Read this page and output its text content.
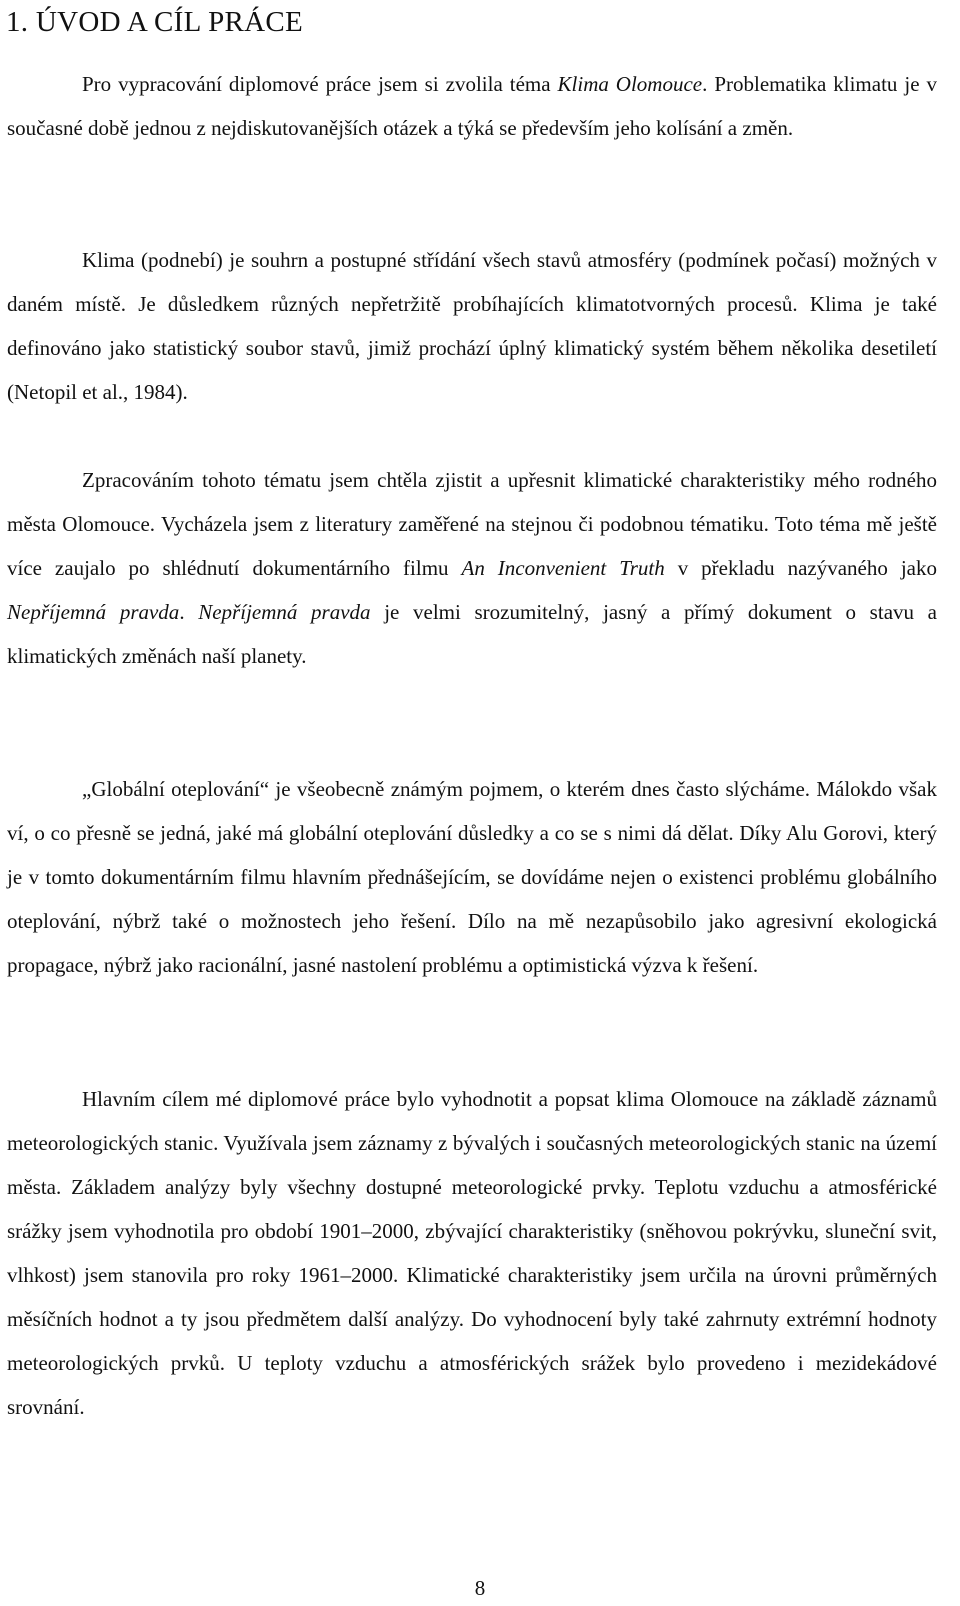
1. ÚVOD A CÍL PRÁCE

Pro vypracování diplomové práce jsem si zvolila téma Klima Olomouce. Problematika klimatu je v současné době jednou z nejdiskutovanějších otázek a týká se především jeho kolísání a změn.

Klima (podnebí) je souhrn a postupné střídání všech stavů atmosféry (podmínek počasí) možných v daném místě. Je důsledkem různých nepřetržitě probíhajících klimatotvorných procesů. Klima je také definováno jako statistický soubor stavů, jimiž prochází úplný klimatický systém během několika desetiletí (Netopil et al., 1984).

Zpracováním tohoto tématu jsem chtěla zjistit a upřesnit klimatické charakteristiky mého rodného města Olomouce. Vycházela jsem z literatury zaměřené na stejnou či podobnou tématiku. Toto téma mě ještě více zaujalo po shlédnutí dokumentárního filmu An Inconvenient Truth v překladu nazývaného jako Nepříjemná pravda. Nepříjemná pravda je velmi srozumitelný, jasný a přímý dokument o stavu a klimatických změnách naší planety.

„Globální oteplování“ je všeobecně známým pojmem, o kterém dnes často slýcháme. Málokdo však ví, o co přesně se jedná, jaké má globální oteplování důsledky a co se s nimi dá dělat. Díky Alu Gorovi, který je v tomto dokumentárním filmu hlavním přednášejícím, se dovídáme nejen o existenci problému globálního oteplování, nýbrž také o možnostech jeho řešení. Dílo na mě nezapůsobilo jako agresivní ekologická propagace, nýbrž jako racionální, jasné nastolení problému a optimistická výzva k řešení.

Hlavním cílem mé diplomové práce bylo vyhodnotit a popsat klima Olomouce na základě záznamů meteorologických stanic. Využívala jsem záznamy z bývalých i současných meteorologických stanic na území města. Základem analýzy byly všechny dostupné meteorologické prvky. Teplotu vzduchu a atmosférické srážky jsem vyhodnotila pro období 1901–2000, zbývající charakteristiky (sněhovou pokrývku, sluneční svit, vlhkost) jsem stanovila pro roky 1961–2000. Klimatické charakteristiky jsem určila na úrovni průměrných měsíčních hodnot a ty jsou předmětem další analýzy. Do vyhodnocení byly také zahrnuty extrémní hodnoty meteorologických prvků. U teploty vzduchu a atmosférických srážek bylo provedeno i mezidekádové srovnání.

8
